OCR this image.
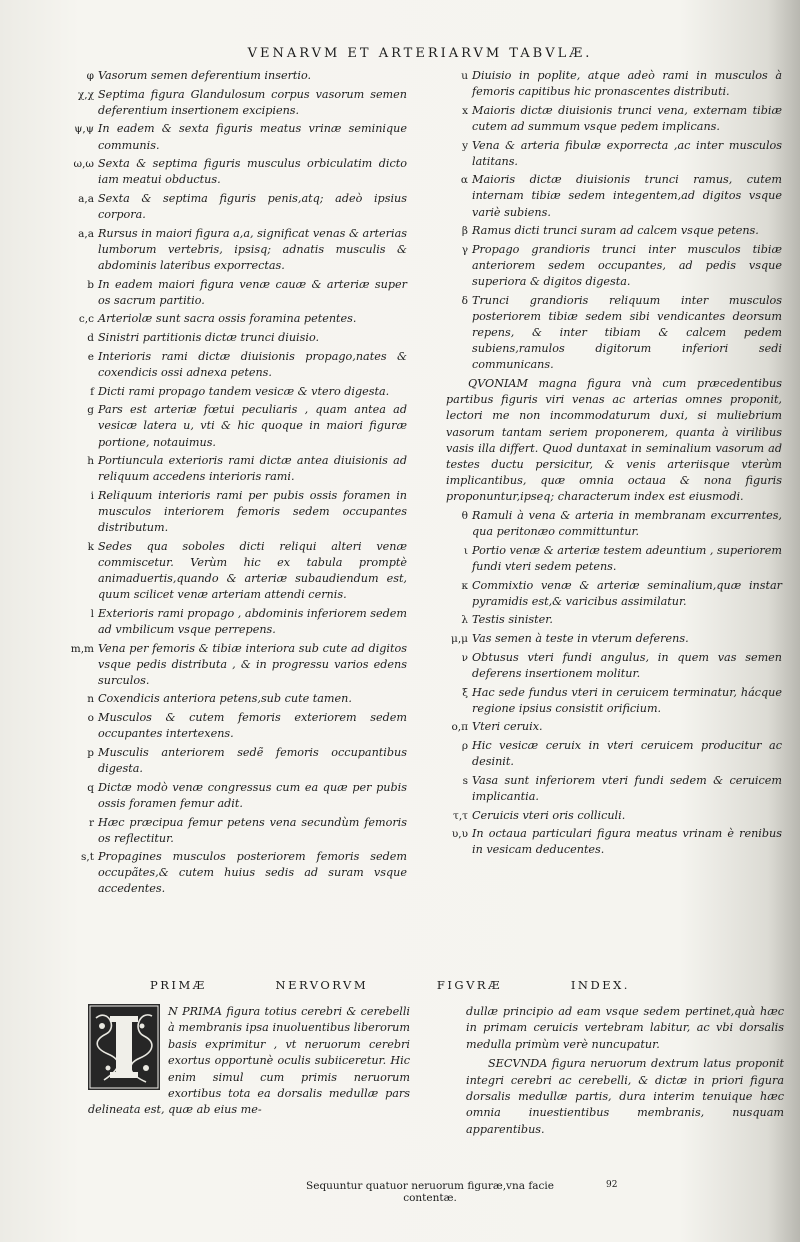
VENARVM ET ARTERIARVM TABVLÆ.
φ Vasorum semen deferentium insertio.
χ,χ Septima figura Glandulosum corpus vasorum semen deferentium insertionem excipiens.
ψ,ψ In eadem & sexta figuris meatus vrinæ seminique communis.
ω,ω Sexta & septima figuris musculus orbiculatim dicto iam meatui obductus.
a,a Sexta & septima figuris penis,atq; adeò ipsius corpora.
a,a Rursus in maiori figura a,a, significat venas & arterias lumborum vertebris, ipsisq; adnatis musculis & abdominis lateribus exporrectas.
b In eadem maiori figura venæ cauæ & arteriæ super os sacrum partitio.
c,c Arteriolæ sunt sacra ossis foramina petentes.
d Sinistri partitionis dictæ trunci diuisio.
e Interioris rami dictæ diuisionis propago,nates & coxendicis ossi adnexa petens.
f Dicti rami propago tandem vesicæ & vtero digesta.
g Pars est arteriæ fœtui peculiaris , quam antea ad vesicæ latera u, vti & hic quoque in maiori figuræ portione, notauimus.
h Portiuncula exterioris rami dictæ antea diuisionis ad reliquum accedens interioris rami.
i Reliquum interioris rami per pubis ossis foramen in musculos interiorem femoris sedem occupantes distributum.
k Sedes qua soboles dicti reliqui alteri venæ commiscetur. Verùm hic ex tabula promptè animaduertis,quando & arteriæ subaudiendum est, quum scilicet venæ arteriam attendi cernis.
l Exterioris rami propago , abdominis inferiorem sedem ad vmbilicum vsque perrepens.
m,m Vena per femoris & tibiæ interiora sub cute ad digitos vsque pedis distributa , & in progressu varios edens surculos.
n Coxendicis anteriora petens,sub cute tamen.
o Musculos & cutem femoris exteriorem sedem occupantes intertexens.
p Musculis anteriorem sedẽ femoris occupantibus digesta.
q Dictæ modò venæ congressus cum ea quæ per pubis ossis foramen femur adit.
r Hæc præcipua femur petens vena secundùm femoris os reflectitur.
s,t Propagines musculos posteriorem femoris sedem occupãtes,& cutem huius sedis ad suram vsque accedentes.
u Diuisio in poplite, atque adeò rami in musculos à femoris capitibus hic pronascentes distributi.
x Maioris dictæ diuisionis trunci vena, externam tibiæ cutem ad summum vsque pedem implicans.
y Vena & arteria fibulæ exporrecta ,ac inter musculos latitans.
α Maioris dictæ diuisionis trunci ramus, cutem internam tibiæ sedem integentem,ad digitos vsque variè subiens.
β Ramus dicti trunci suram ad calcem vsque petens.
γ Propago grandioris trunci inter musculos tibiæ anteriorem sedem occupantes, ad pedis vsque superiora & digitos digesta.
δ Trunci grandioris reliquum inter musculos posteriorem tibiæ sedem sibi vendicantes deorsum repens, & inter tibiam & calcem pedem subiens,ramulos digitorum inferiori sedi communicans.
QVONIAM magna figura vnà cum præcedentibus partibus figuris viri venas ac arterias omnes proponit, lectori me non incommodaturum duxi, si muliebrium vasorum tantam seriem proponerem, quanta à virilibus vasis illa differt. Quod duntaxat in seminalium vasorum ad testes ductu persicitur, & venis arteriisque vterùm implicantibus, quæ omnia octaua & nona figuris proponuntur,ipseq; characterum index est eiusmodi.
θ Ramuli à vena & arteria in membranam excurrentes, qua peritonæo committuntur.
ι Portio venæ & arteriæ testem adeuntium , superiorem fundi vteri sedem petens.
κ Commixtio venæ & arteriæ seminalium,quæ instar pyramidis est,& varicibus assimilatur.
λ Testis sinister.
μ,μ Vas semen à teste in vterum deferens.
ν Obtusus vteri fundi angulus, in quem vas semen deferens insertionem molitur.
ξ Hac sede fundus vteri in ceruicem terminatur, hácque regione ipsius consistit orificium.
ο,π Vteri ceruix.
ρ Hic vesicæ ceruix in vteri ceruicem producitur ac desinit.
s Vasa sunt inferiorem vteri fundi sedem & ceruicem implicantia.
τ,τ Ceruicis vteri oris colliculi.
υ,υ In octaua particulari figura meatus vrinam è renibus in vesicam deducentes.
PRIMÆ	NERVORVM	FIGVRÆ	INDEX.
N PRIMA figura totius cerebri & cerebelli à membranis ipsa inuoluentibus liberorum basis exprimitur , vt neruorum cerebri exortus opportunè oculis subiiceretur. Hic enim simul cum primis neruorum exortibus tota ea dorsalis medullæ pars delineata est, quæ ab eius me-
dullæ principio ad eam vsque sedem pertinet,quà hæc in primam ceruicis vertebram labitur, ac vbi dorsalis medulla primùm verè nuncupatur.
SECVNDA figura neruorum dextrum latus proponit integri cerebri ac cerebelli, & dictæ in priori figura dorsalis medullæ partis, dura interim tenuique hæc omnia inuestientibus membranis, nusquam apparentibus.
Sequuntur quatuor neruorum figuræ,vna facie contentæ.
92
